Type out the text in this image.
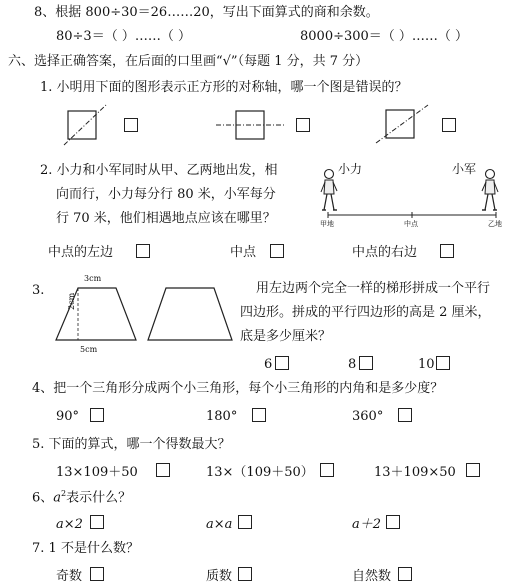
8、根据 800÷30＝26……20，写出下面算式的商和余数。
80÷3＝（ ）……（ ）	8000÷300＝（ ）……（ ）
六、选择正确答案，在后面的口里画“√”（每题 1 分，共 7 分）
1. 小明用下面的图形表示正方形的对称轴，哪一个图是错误的？
2. 小力和小军同时从甲、乙两地出发，相
向而行，小力每分行 80 米，小军每分
行 70 米，他们相遇地点应该在哪里？
小力	小军
甲地	中点	乙地
中点的左边	中点	中点的右边
3.
3cm
2cm
5cm
用左边两个完全一样的梯形拼成一个平行
四边形。拼成的平行四边形的高是 2 厘米，
底是多少厘米？
6	8	10
4、把一个三角形分成两个小三角形，每个小三角形的内角和是多少度？
90°	180°	360°
5. 下面的算式，哪一个得数最大？
13×109＋50	13×（109＋50）	13＋109×50
6、$a^2$表示什么？
a×2	a×a	a＋2
7. 1 不是什么数？
奇数	质数	自然数
